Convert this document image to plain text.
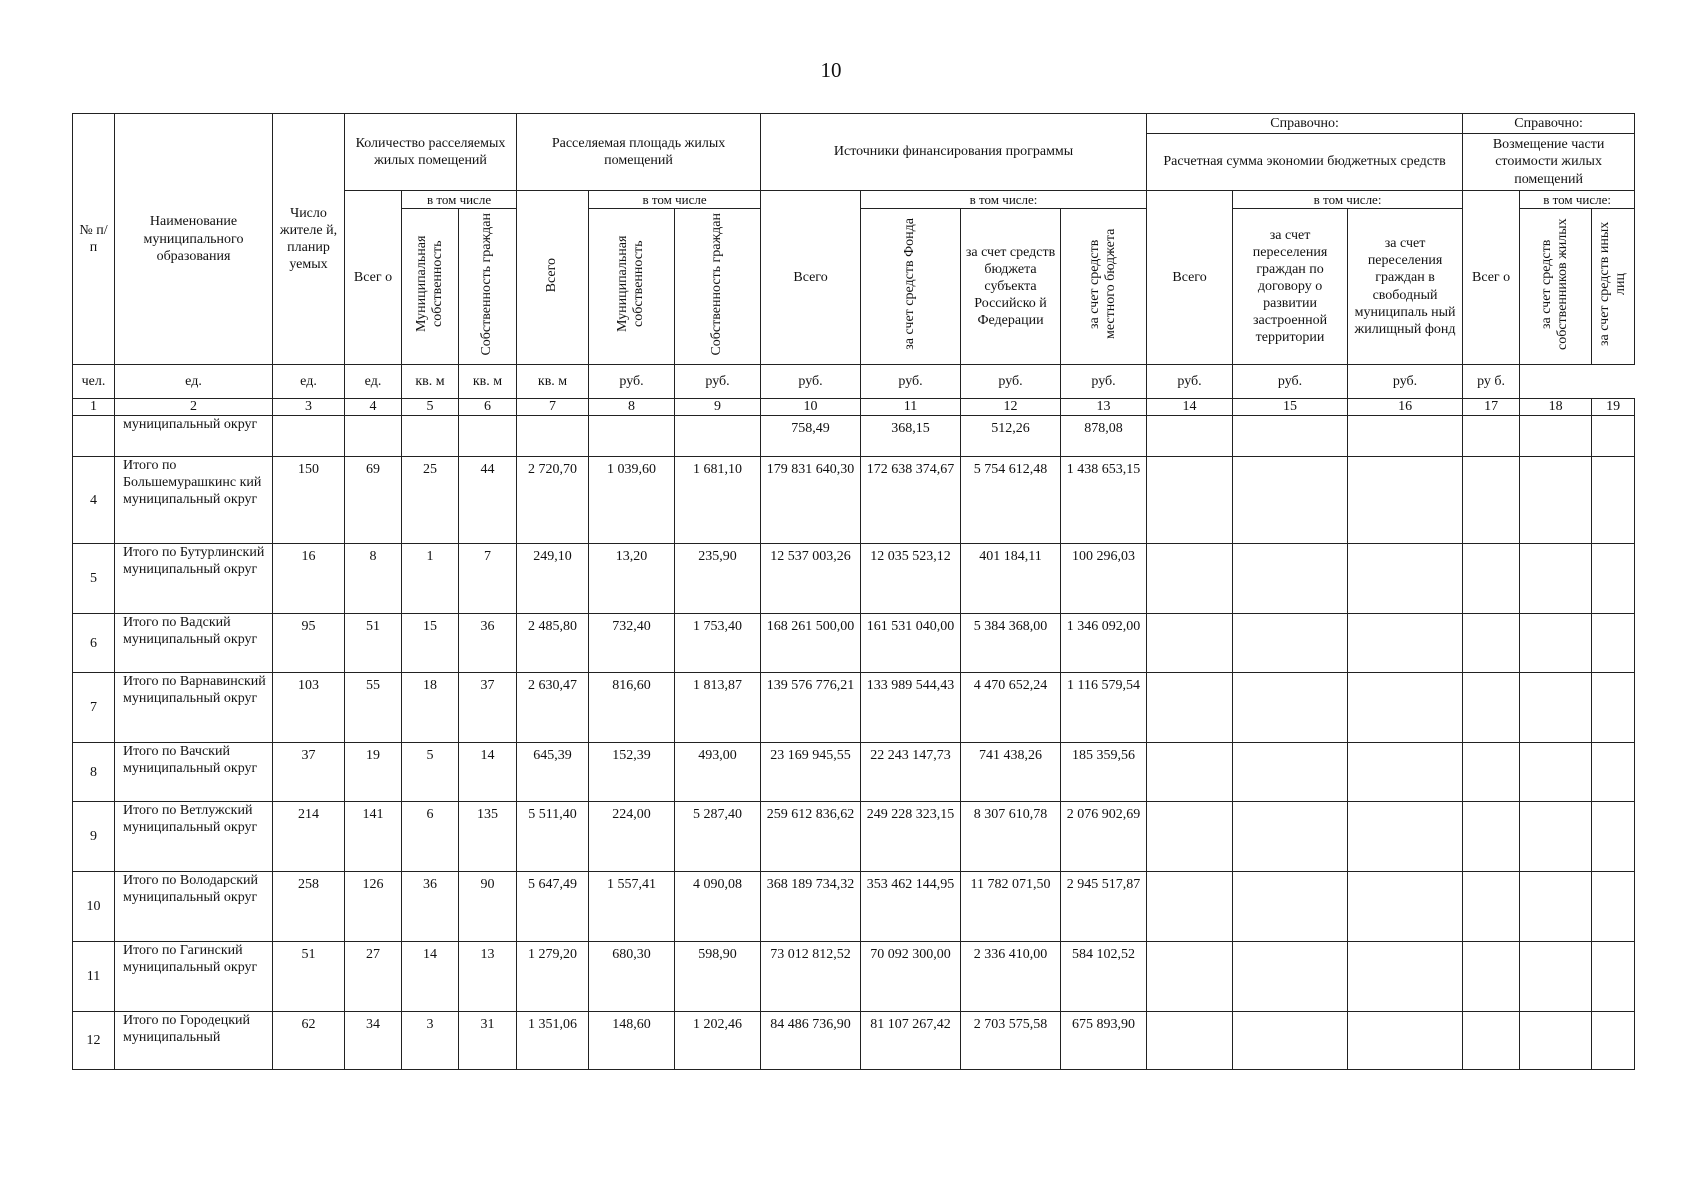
10
№ п/ п	Наименование муниципального образования	Число жителе й, планир уемых	Количество расселяемых жилых помещений			Расселяемая площадь жилых помещений			Источники финансирования программы				Справочно:			Справочно:		
													Расчетная сумма экономии бюджетных средств			Возмещение части стоимости жилых помещений		
			Всег о	в том числе		Всего	в том числе		Всего	в том числе:			Всего	в том числе:		Всег о	в том числе:	
				Муниципальная собственность	Собственность граждан		Муниципальная собственность	Собственность граждан		за счет средств Фонда	за счет средств бюджета субъекта Российско й Федерации	за счет средств местного бюджета		за счет переселения граждан по договору о развитии застроенной территории	за счет переселения граждан в свободный муниципаль ный жилищный фонд		за счет средств собственников жилых	за счет средств иных лиц
чел.	ед.	ед.	ед.	кв. м	кв. м	кв. м	руб.	руб.	руб.	руб.	руб.	руб.	руб.	руб.	руб.	ру б.		
1	2	3	4	5	6	7	8	9	10	11	12	13	14	15	16	17	18	19
	муниципальный округ								758,49	368,15	512,26	878,08						
4	Итого по Большемурашкинс кий муниципальный округ	150	69	25	44	2 720,70	1 039,60	1 681,10	179 831 640,30	172 638 374,67	5 754 612,48	1 438 653,15						
5	Итого по Бутурлинский муниципальный округ	16	8	1	7	249,10	13,20	235,90	12 537 003,26	12 035 523,12	401 184,11	100 296,03						
6	Итого по Вадский муниципальный округ	95	51	15	36	2 485,80	732,40	1 753,40	168 261 500,00	161 531 040,00	5 384 368,00	1 346 092,00						
7	Итого по Варнавинский муниципальный округ	103	55	18	37	2 630,47	816,60	1 813,87	139 576 776,21	133 989 544,43	4 470 652,24	1 116 579,54						
8	Итого по Вачский муниципальный округ	37	19	5	14	645,39	152,39	493,00	23 169 945,55	22 243 147,73	741 438,26	185 359,56						
9	Итого по Ветлужский муниципальный округ	214	141	6	135	5 511,40	224,00	5 287,40	259 612 836,62	249 228 323,15	8 307 610,78	2 076 902,69						
10	Итого по Володарский муниципальный округ	258	126	36	90	5 647,49	1 557,41	4 090,08	368 189 734,32	353 462 144,95	11 782 071,50	2 945 517,87						
11	Итого по Гагинский муниципальный округ	51	27	14	13	1 279,20	680,30	598,90	73 012 812,52	70 092 300,00	2 336 410,00	584 102,52						
12	Итого по Городецкий муниципальный	62	34	3	31	1 351,06	148,60	1 202,46	84 486 736,90	81 107 267,42	2 703 575,58	675 893,90						
